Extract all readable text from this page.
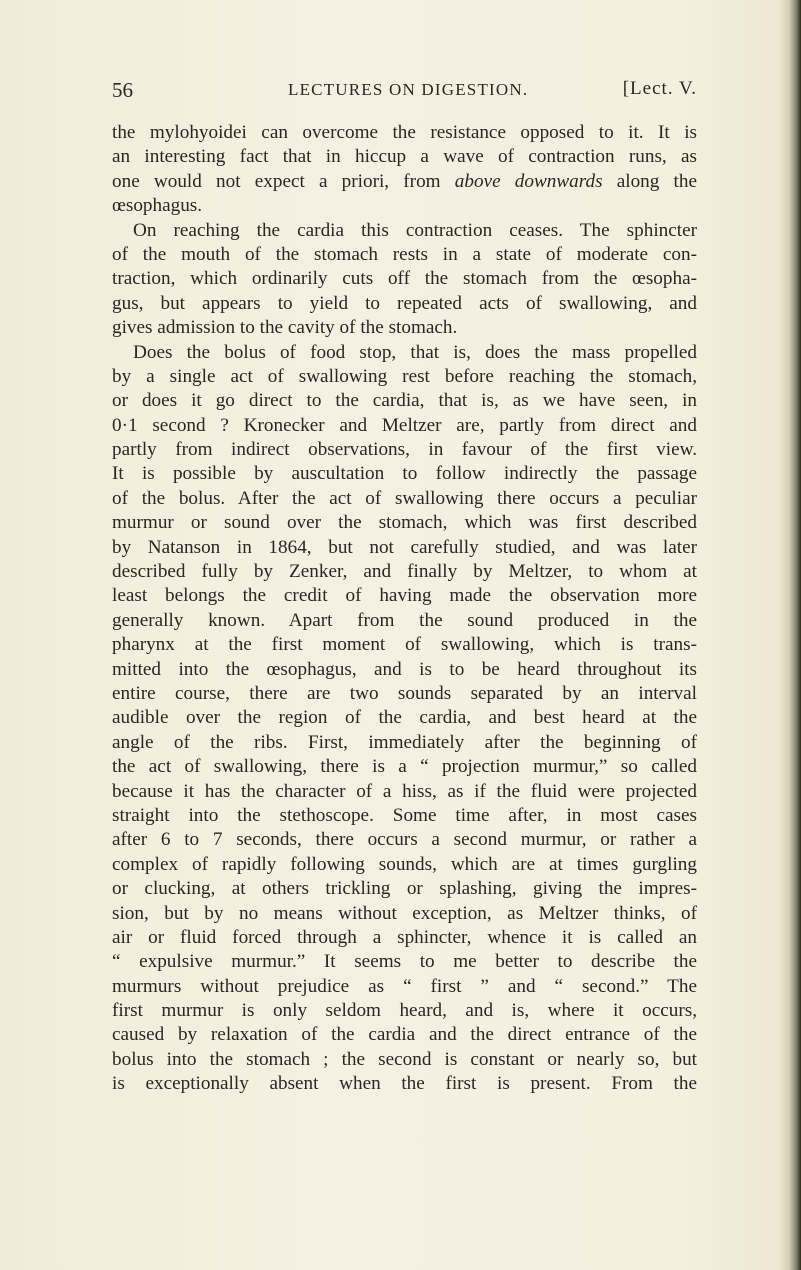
56	LECTURES ON DIGESTION.	[Lect. V.
the mylohyoidei can overcome the resistance opposed to it. It is
an interesting fact that in hiccup a wave of contraction runs, as
one would not expect a priori, from above downwards along the
œsophagus.
On reaching the cardia this contraction ceases. The sphincter
of the mouth of the stomach rests in a state of moderate con-
traction, which ordinarily cuts off the stomach from the œsopha-
gus, but appears to yield to repeated acts of swallowing, and
gives admission to the cavity of the stomach.
Does the bolus of food stop, that is, does the mass propelled
by a single act of swallowing rest before reaching the stomach,
or does it go direct to the cardia, that is, as we have seen, in
0·1 second ? Kronecker and Meltzer are, partly from direct and
partly from indirect observations, in favour of the first view.
It is possible by auscultation to follow indirectly the passage
of the bolus. After the act of swallowing there occurs a peculiar
murmur or sound over the stomach, which was first described
by Natanson in 1864, but not carefully studied, and was later
described fully by Zenker, and finally by Meltzer, to whom at
least belongs the credit of having made the observation more
generally known. Apart from the sound produced in the
pharynx at the first moment of swallowing, which is trans-
mitted into the œsophagus, and is to be heard throughout its
entire course, there are two sounds separated by an interval
audible over the region of the cardia, and best heard at the
angle of the ribs. First, immediately after the beginning of
the act of swallowing, there is a “ projection murmur,” so called
because it has the character of a hiss, as if the fluid were projected
straight into the stethoscope. Some time after, in most cases
after 6 to 7 seconds, there occurs a second murmur, or rather a
complex of rapidly following sounds, which are at times gurgling
or clucking, at others trickling or splashing, giving the impres-
sion, but by no means without exception, as Meltzer thinks, of
air or fluid forced through a sphincter, whence it is called an
“ expulsive murmur.” It seems to me better to describe the
murmurs without prejudice as “ first ” and “ second.” The
first murmur is only seldom heard, and is, where it occurs,
caused by relaxation of the cardia and the direct entrance of the
bolus into the stomach ; the second is constant or nearly so, but
is exceptionally absent when the first is present. From the
